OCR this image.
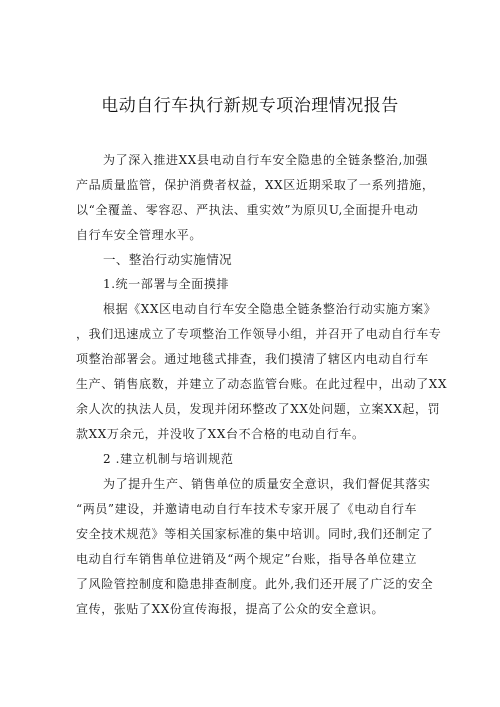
电动自行车执行新规专项治理情况报告
为了深入推进XX县电动自行车安全隐患的全链条整治,加强
产品质量监管，保护消费者权益，XX区近期采取了一系列措施，
以“全覆盖、零容忍、严执法、重实效”为原贝U,全面提升电动
自行车安全管理水平。
一、整治行动实施情况
1.统一部署与全面摸排
根据《XX区电动自行车安全隐患全链条整治行动实施方案》
，我们迅速成立了专项整治工作领导小组，并召开了电动自行车专
项整治部署会。通过地毯式排查，我们摸清了辖区内电动自行车
生产、销售底数，并建立了动态监管台账。在此过程中，出动了XX
余人次的执法人员，发现并闭环整改了XX处问题，立案XX起，罚
款XX万余元，并没收了XX台不合格的电动自行车。
2 .建立机制与培训规范
为了提升生产、销售单位的质量安全意识，我们督促其落实
“两员”建设，并邀请电动自行车技术专家开展了《电动自行车
安全技术规范》等相关国家标准的集中培训。同时,我们还制定了
电动自行车销售单位进销及“两个规定”台账，指导各单位建立
了风险管控制度和隐患排查制度。此外,我们还开展了广泛的安全
宣传，张贴了XX份宣传海报，提高了公众的安全意识。
